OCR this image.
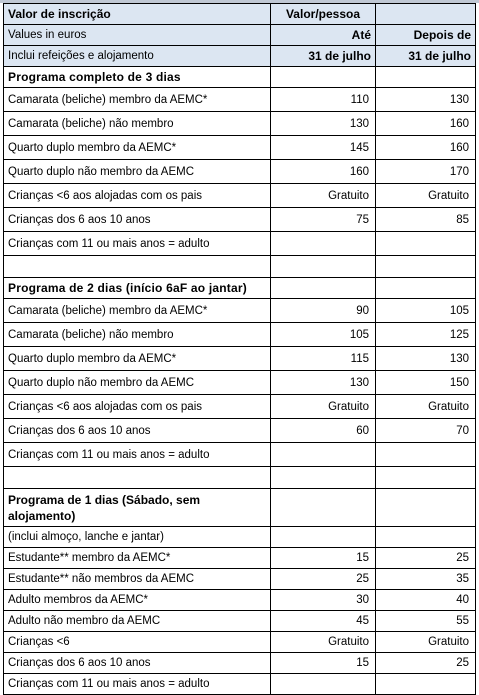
Valor de inscrição	Valor/pessoa	
Values in euros	Até	Depois de
Inclui refeições e alojamento	31 de julho	31 de julho
Programa completo de 3 dias		
Camarata (beliche) membro da AEMC*	110	130
Camarata (beliche) não membro	130	160
Quarto duplo membro da AEMC*	145	160
Quarto duplo não membro da AEMC	160	170
Crianças <6 aos alojadas com os pais	Gratuito	Gratuito
Crianças dos 6 aos 10 anos	75	85
Crianças com 11 ou mais anos = adulto		

Programa de 2 dias (início 6aF ao jantar)		
Camarata (beliche) membro da AEMC*	90	105
Camarata (beliche) não membro	105	125
Quarto duplo membro da AEMC*	115	130
Quarto duplo não membro da AEMC	130	150
Crianças <6 aos alojadas com os pais	Gratuito	Gratuito
Crianças dos 6 aos 10 anos	60	70
Crianças com 11 ou mais anos = adulto		

Programa de 1 dias (Sábado, sem alojamento)		
(inclui almoço, lanche e jantar)		
Estudante** membro da AEMC*	15	25
Estudante** não membros da AEMC	25	35
Adulto membros da AEMC*	30	40
Adulto não membro da AEMC	45	55
Crianças <6	Gratuito	Gratuito
Crianças dos 6 aos 10 anos	15	25
Crianças com 11 ou mais anos = adulto		
